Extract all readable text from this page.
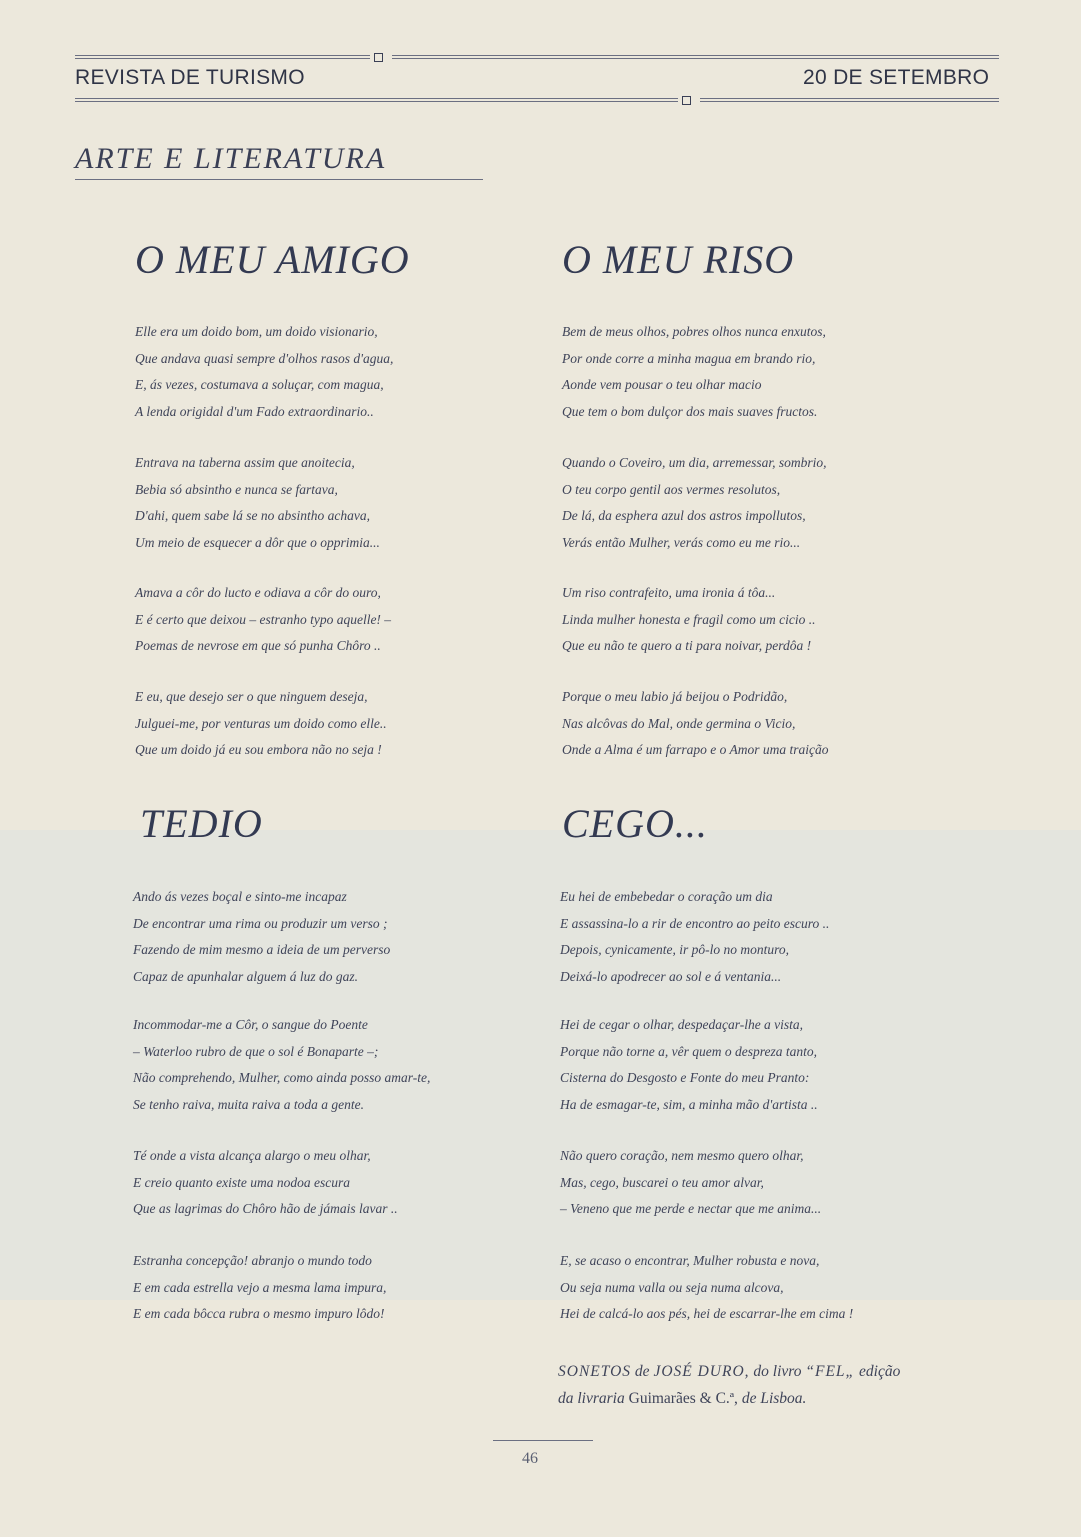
REVISTA DE TURISMO	20 DE SETEMBRO
ARTE E LITERATURA
O MEU AMIGO

Elle era um doido bom, um doido visionario,

Que andava quasi sempre d'olhos rasos d'agua,

E, ás vezes, costumava a soluçar, com magua,

A lenda origidal d'um Fado extraordinario..

Entrava na taberna assim que anoitecia,

Bebia só absintho e nunca se fartava,

D'ahi, quem sabe lá se no absintho achava,

Um meio de esquecer a dôr que o opprimia...

Amava a côr do lucto e odiava a côr do ouro,

E é certo que deixou – estranho typo aquelle! –

Poemas de nevrose em que só punha Chôro ..

E eu, que desejo ser o que ninguem deseja,

Julguei-me, por venturas um doido como elle..

Que um doido já eu sou embora não no seja !

O MEU RISO

Bem de meus olhos, pobres olhos nunca enxutos,

Por onde corre a minha magua em brando rio,

Aonde vem pousar o teu olhar macio

Que tem o bom dulçor dos mais suaves fructos.

Quando o Coveiro, um dia, arremessar, sombrio,

O teu corpo gentil aos vermes resolutos,

De lá, da esphera azul dos astros impollutos,

Verás então Mulher, verás como eu me rio...

Um riso contrafeito, uma ironia á tôa...

Linda mulher honesta e fragil como um cicio ..

Que eu não te quero a ti para noivar, perdôa !

Porque o meu labio já beijou o Podridão,

Nas alcôvas do Mal, onde germina o Vicio,

Onde a Alma é um farrapo e o Amor uma traição

TEDIO

Ando ás vezes boçal e sinto-me incapaz

De encontrar uma rima ou produzir um verso ;

Fazendo de mim mesmo a ideia de um perverso

Capaz de apunhalar alguem á luz do gaz.

Incommodar-me a Côr, o sangue do Poente

– Waterloo rubro de que o sol é Bonaparte –;

Não comprehendo, Mulher, como ainda posso amar-te,

Se tenho raiva, muita raiva a toda a gente.

Té onde a vista alcança alargo o meu olhar,

E creio quanto existe uma nodoa escura

Que as lagrimas do Chôro hão de jámais lavar ..

Estranha concepção! abranjo o mundo todo

E em cada estrella vejo a mesma lama impura,

E em cada bôcca rubra o mesmo impuro lôdo!

CEGO...

Eu hei de embebedar o coração um dia

E assassina-lo a rir de encontro ao peito escuro ..

Depois, cynicamente, ir pô-lo no monturo,

Deixá-lo apodrecer ao sol e á ventania...

Hei de cegar o olhar, despedaçar-lhe a vista,

Porque não torne a, vêr quem o despreza tanto,

Cisterna do Desgosto e Fonte do meu Pranto:

Ha de esmagar-te, sim, a minha mão d'artista ..

Não quero coração, nem mesmo quero olhar,

Mas, cego, buscarei o teu amor alvar,

– Veneno que me perde e nectar que me anima...

E, se acaso o encontrar, Mulher robusta e nova,

Ou seja numa valla ou seja numa alcova,

Hei de calcá-lo aos pés, hei de escarrar-lhe em cima !

SONETOS de JOSÉ DURO, do livro “FEL„ edição
da livraria Guimarães & C.ª, de Lisboa.
46
